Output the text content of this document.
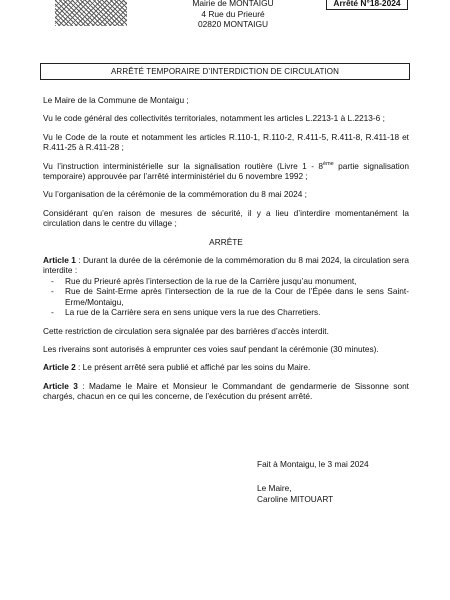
Mairie de MONTAIGU
4 Rue du Prieuré
02820 MONTAIGU
Arrêté N°18-2024
ARRÊTÉ TEMPORAIRE D’INTERDICTION DE CIRCULATION

Le Maire de la Commune de Montaigu ;

Vu le code général des collectivités territoriales, notamment les articles L.2213-1 à L.2213-6 ;

Vu le Code de la route et notamment les articles R.110-1, R.110-2, R.411-5, R.411-8, R.411-18 et R.411-25 à R.411-28 ;

Vu l’instruction interministérielle sur la signalisation routière (Livre 1 - 8ème partie signalisation temporaire) approuvée par l’arrêté interministériel du 6 novembre 1992 ;

Vu l’organisation de la cérémonie de la commémoration du 8 mai 2024 ;

Considérant qu’en raison de mesures de sécurité, il y a lieu d’interdire momentanément la circulation dans le centre du village ;

ARRÊTE

Article 1 : Durant la durée de la cérémonie de la commémoration du 8 mai 2024, la circulation sera interdite :

- Rue du Prieuré après l’intersection de la rue de la Carrière jusqu’au monument,
- Rue de Saint-Erme après l’intersection de la rue de la Cour de l’Épée dans le sens Saint-Erme/Montaigu,
- La rue de la Carrière sera en sens unique vers la rue des Charretiers.

Cette restriction de circulation sera signalée par des barrières d’accès interdit.

Les riverains sont autorisés à emprunter ces voies sauf pendant la cérémonie (30 minutes).

Article 2 : Le présent arrêté sera publié et affiché par les soins du Maire.

Article 3 : Madame le Maire et Monsieur le Commandant de gendarmerie de Sissonne sont chargés, chacun en ce qui les concerne, de l’exécution du présent arrêté.

Fait à Montaigu, le 3 mai 2024
Le Maire,
Caroline MITOUART
